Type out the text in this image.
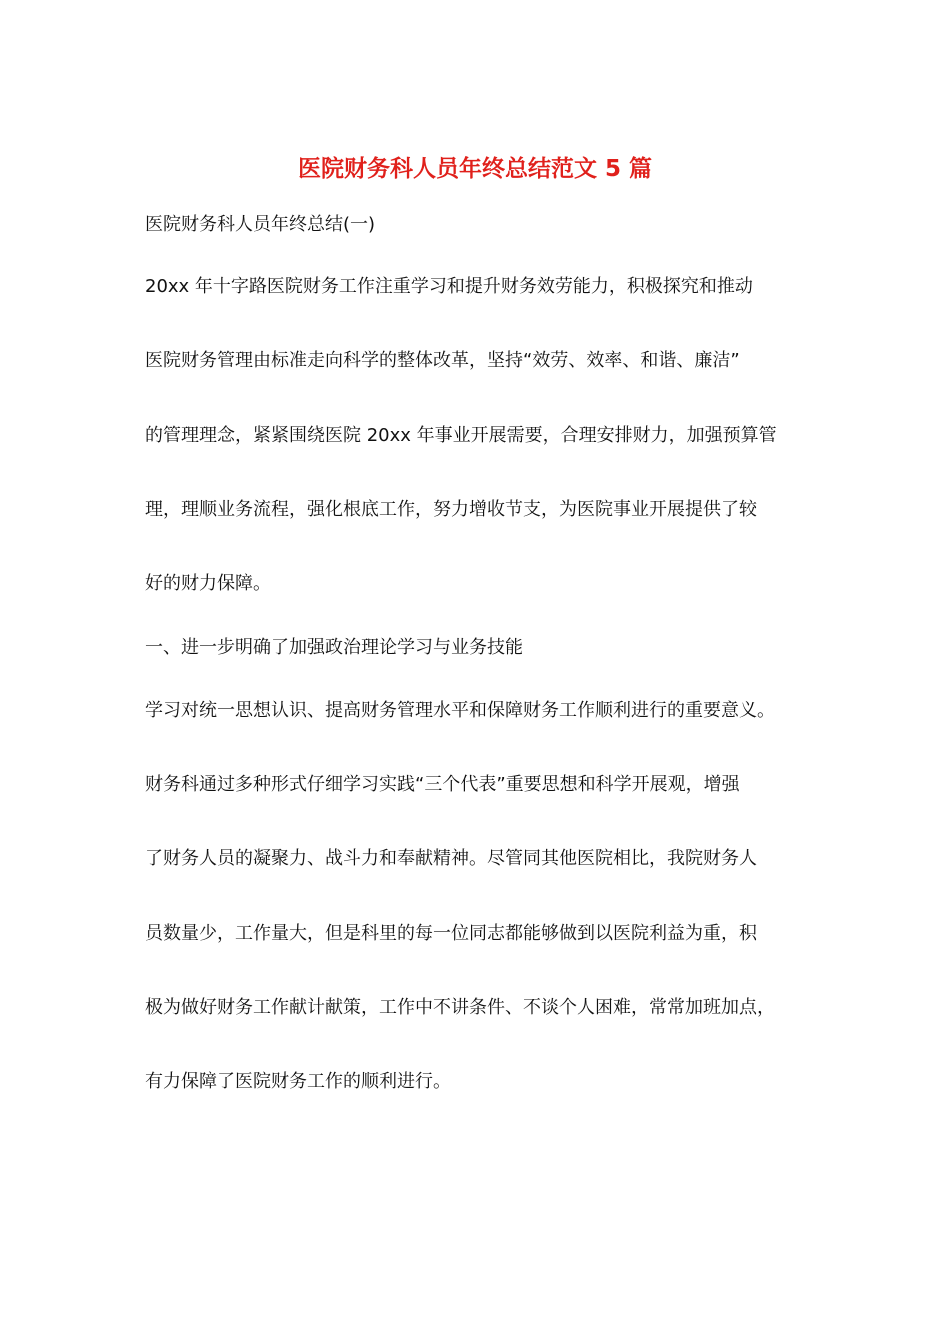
医院财务科人员年终总结范文 5 篇
医院财务科人员年终总结(一)
20xx 年十字路医院财务工作注重学习和提升财务效劳能力，积极探究和推动
医院财务管理由标准走向科学的整体改革，坚持“效劳、效率、和谐、廉洁”
的管理理念，紧紧围绕医院 20xx 年事业开展需要，合理安排财力，加强预算管
理，理顺业务流程，强化根底工作，努力增收节支，为医院事业开展提供了较
好的财力保障。
一、进一步明确了加强政治理论学习与业务技能
学习对统一思想认识、提高财务管理水平和保障财务工作顺利进行的重要意义。
财务科通过多种形式仔细学习实践“三个代表”重要思想和科学开展观，增强
了财务人员的凝聚力、战斗力和奉献精神。尽管同其他医院相比，我院财务人
员数量少，工作量大，但是科里的每一位同志都能够做到以医院利益为重，积
极为做好财务工作献计献策，工作中不讲条件、不谈个人困难，常常加班加点，
有力保障了医院财务工作的顺利进行。
